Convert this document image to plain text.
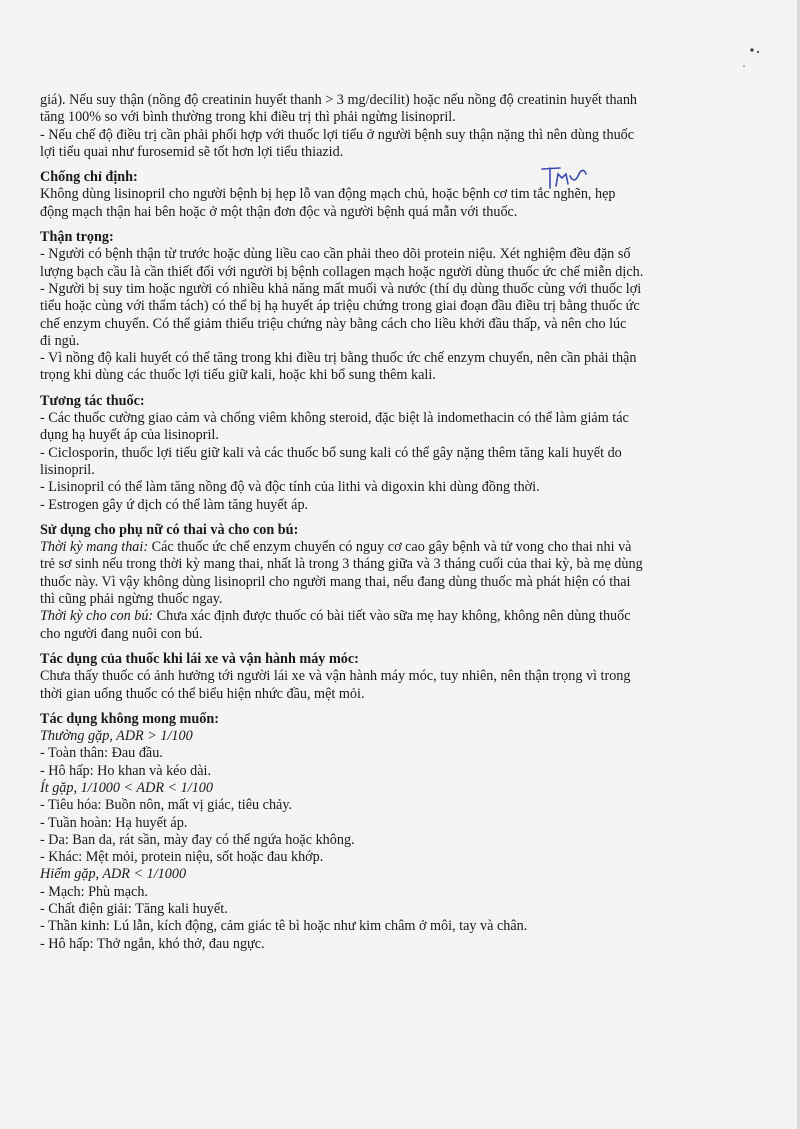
giá). Nếu suy thận (nồng độ creatinin huyết thanh > 3 mg/decilit) hoặc nếu nồng độ creatinin huyết thanh
tăng 100% so với bình thường trong khi điều trị thì phải ngừng lisinopril.
- Nếu chế độ điều trị cần phải phối hợp với thuốc lợi tiểu ở người bệnh suy thận nặng thì nên dùng thuốc
lợi tiểu quai như furosemid sẽ tốt hơn lợi tiểu thiazid.
Chống chỉ định:
Không dùng lisinopril cho người bệnh bị hẹp lỗ van động mạch chủ, hoặc bệnh cơ tim tắc nghẽn, hẹp
động mạch thận hai bên hoặc ở một thận đơn độc và người bệnh quá mẫn với thuốc.
Thận trọng:
- Người có bệnh thận từ trước hoặc dùng liều cao cần phải theo dõi protein niệu. Xét nghiệm đều đặn số
lượng bạch cầu là cần thiết đối với người bị bệnh collagen mạch hoặc người dùng thuốc ức chế miễn dịch.
- Người bị suy tim hoặc người có nhiều khả năng mất muối và nước (thí dụ dùng thuốc cùng với thuốc lợi
tiểu hoặc cùng với thẩm tách) có thể bị hạ huyết áp triệu chứng trong giai đoạn đầu điều trị bằng thuốc ức
chế enzym chuyển. Có thể giảm thiểu triệu chứng này bằng cách cho liều khởi đầu thấp, và nên cho lúc
đi ngủ.
- Vì nồng độ kali huyết có thể tăng trong khi điều trị bằng thuốc ức chế enzym chuyển, nên cần phải thận
trọng khi dùng các thuốc lợi tiểu giữ kali, hoặc khi bổ sung thêm kali.
Tương tác thuốc:
- Các thuốc cường giao cảm và chống viêm không steroid, đặc biệt là indomethacin có thể làm giảm tác
dụng hạ huyết áp của lisinopril.
- Ciclosporin, thuốc lợi tiểu giữ kali và các thuốc bổ sung kali có thể gây nặng thêm tăng kali huyết do
lisinopril.
- Lisinopril có thể làm tăng nồng độ và độc tính của lithi và digoxin khi dùng đồng thời.
- Estrogen gây ứ dịch có thể làm tăng huyết áp.
Sử dụng cho phụ nữ có thai và cho con bú:
Thời kỳ mang thai: Các thuốc ức chế enzym chuyển có nguy cơ cao gây bệnh và tử vong cho thai nhi và
trẻ sơ sinh nếu trong thời kỳ mang thai, nhất là trong 3 tháng giữa và 3 tháng cuối của thai kỳ, bà mẹ dùng
thuốc này. Vì vậy không dùng lisinopril cho người mang thai, nếu đang dùng thuốc mà phát hiện có thai
thì cũng phải ngừng thuốc ngay.
Thời kỳ cho con bú: Chưa xác định được thuốc có bài tiết vào sữa mẹ hay không, không nên dùng thuốc
cho người đang nuôi con bú.
Tác dụng của thuốc khi lái xe và vận hành máy móc:
Chưa thấy thuốc có ảnh hưởng tới người lái xe và vận hành máy móc, tuy nhiên, nên thận trọng vì trong
thời gian uống thuốc có thể biểu hiện nhức đầu, mệt mỏi.
Tác dụng không mong muốn:
Thường gặp, ADR > 1/100
- Toàn thân: Đau đầu.
- Hô hấp: Ho khan và kéo dài.
Ít gặp, 1/1000 < ADR < 1/100
- Tiêu hóa: Buồn nôn, mất vị giác, tiêu chảy.
- Tuần hoàn: Hạ huyết áp.
- Da: Ban da, rát sần, mày đay có thể ngứa hoặc không.
- Khác: Mệt mỏi, protein niệu, sốt hoặc đau khớp.
Hiếm gặp, ADR < 1/1000
- Mạch: Phù mạch.
- Chất điện giải: Tăng kali huyết.
- Thần kinh: Lú lẫn, kích động, cảm giác tê bì hoặc như kim châm ở môi, tay và chân.
- Hô hấp: Thở ngắn, khó thở, đau ngực.
